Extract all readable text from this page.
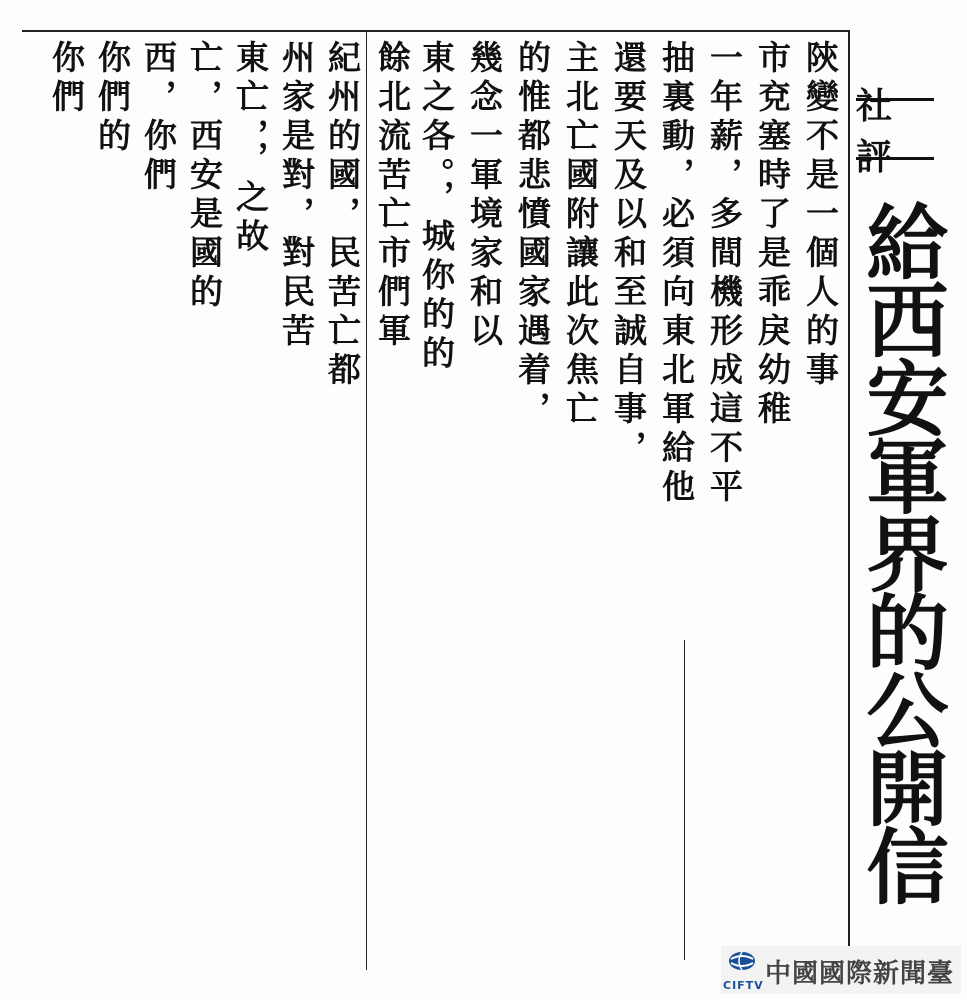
社評
給西安軍界的公開信
陝變不是一個人的事
市兗塞時了是乖戾幼稚
一年薪，多間機形成這不平
抽裏動，必須向東北軍給他
還要天及以和至誠自事，
主北亡國附讓此次焦亡
的惟都悲憤國家遇着，
幾念一軍境家和以
東之各。，城你的的
餘北流苦亡市們軍
紀州的國，民苦亡都
州家是對，對民苦
東亡，，之故
亡，西安是國的
西，你們
你們的
你們
CIFTV 中國國際新聞臺
